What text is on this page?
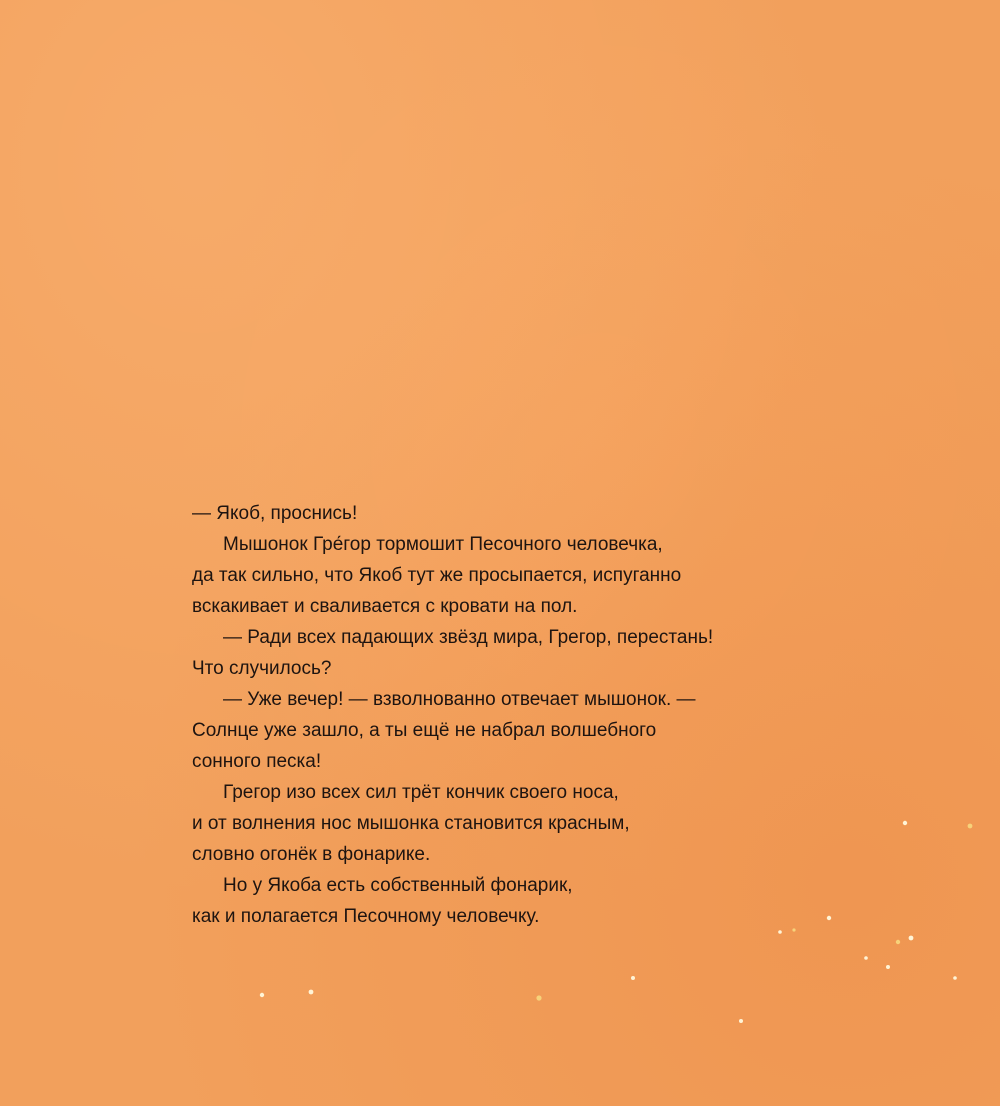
— Якоб, проснись!

Мышонок Гре́гор тормошит Песочного человечка,

да так сильно, что Якоб тут же просыпается, испуганно

вскакивает и сваливается с кровати на пол.

— Ради всех падающих звёзд мира, Грегор, перестань!

Что случилось?

— Уже вечер! — взволнованно отвечает мышонок. —

Солнце уже зашло, а ты ещё не набрал волшебного

сонного песка!

Грегор изо всех сил трёт кончик своего носа,

и от волнения нос мышонка становится красным,

словно огонёк в фонарике.

Но у Якоба есть собственный фонарик,

как и полагается Песочному человечку.
